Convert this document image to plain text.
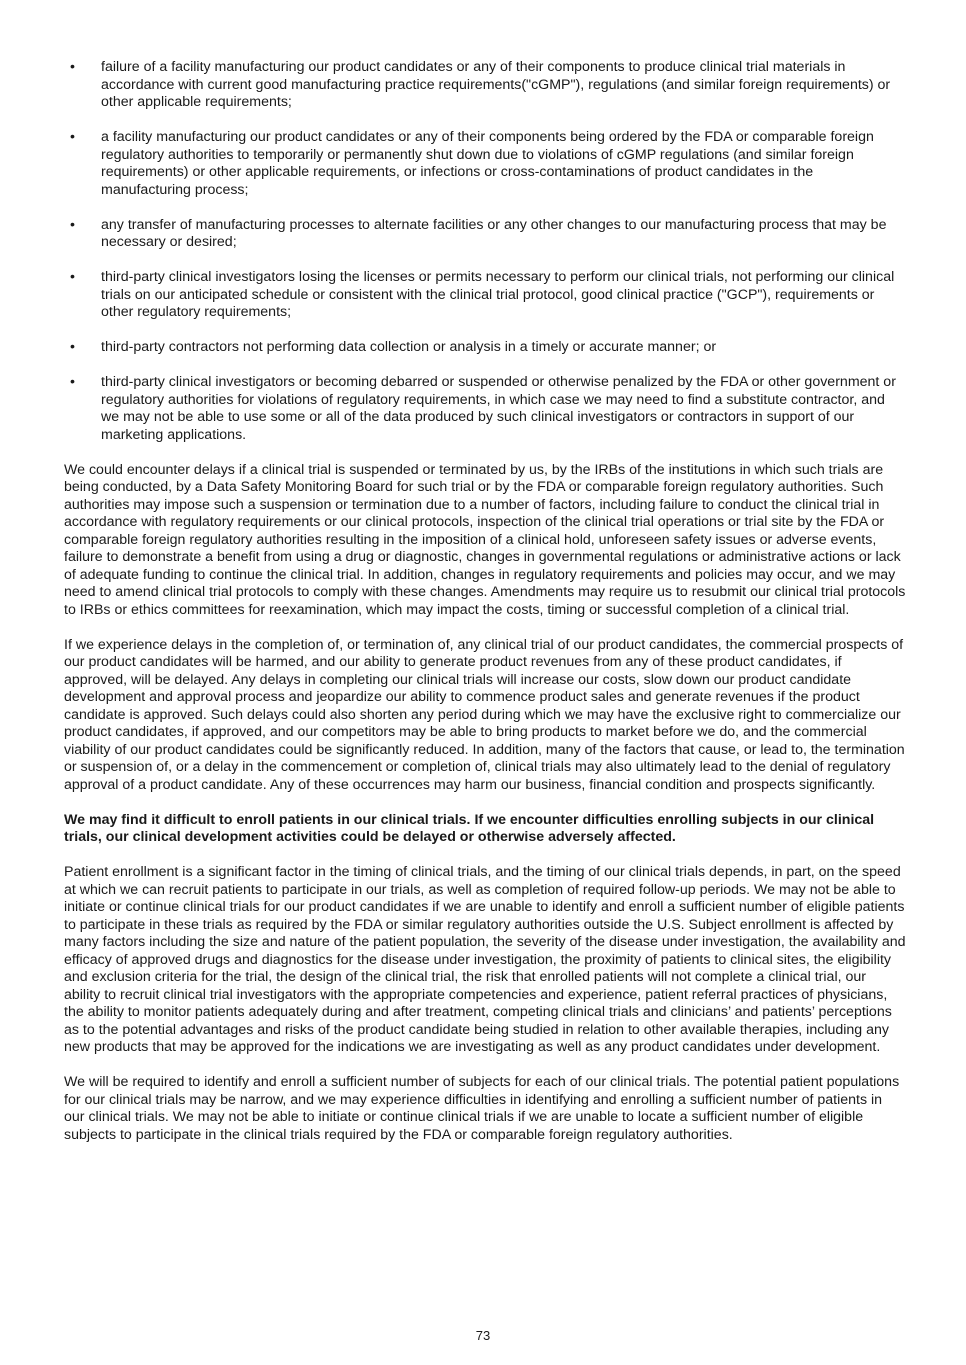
• failure of a facility manufacturing our product candidates or any of their components to produce clinical trial materials in accordance with current good manufacturing practice requirements("cGMP"), regulations (and similar foreign requirements) or other applicable requirements;
• a facility manufacturing our product candidates or any of their components being ordered by the FDA or comparable foreign regulatory authorities to temporarily or permanently shut down due to violations of cGMP regulations (and similar foreign requirements) or other applicable requirements, or infections or cross-contaminations of product candidates in the manufacturing process;
• any transfer of manufacturing processes to alternate facilities or any other changes to our manufacturing process that may be necessary or desired;
• third-party clinical investigators losing the licenses or permits necessary to perform our clinical trials, not performing our clinical trials on our anticipated schedule or consistent with the clinical trial protocol, good clinical practice ("GCP"), requirements or other regulatory requirements;
• third-party contractors not performing data collection or analysis in a timely or accurate manner; or
• third-party clinical investigators or becoming debarred or suspended or otherwise penalized by the FDA or other government or regulatory authorities for violations of regulatory requirements, in which case we may need to find a substitute contractor, and we may not be able to use some or all of the data produced by such clinical investigators or contractors in support of our marketing applications.

We could encounter delays if a clinical trial is suspended or terminated by us, by the IRBs of the institutions in which such trials are being conducted, by a Data Safety Monitoring Board for such trial or by the FDA or comparable foreign regulatory authorities. Such authorities may impose such a suspension or termination due to a number of factors, including failure to conduct the clinical trial in accordance with regulatory requirements or our clinical protocols, inspection of the clinical trial operations or trial site by the FDA or comparable foreign regulatory authorities resulting in the imposition of a clinical hold, unforeseen safety issues or adverse events, failure to demonstrate a benefit from using a drug or diagnostic, changes in governmental regulations or administrative actions or lack of adequate funding to continue the clinical trial. In addition, changes in regulatory requirements and policies may occur, and we may need to amend clinical trial protocols to comply with these changes. Amendments may require us to resubmit our clinical trial protocols to IRBs or ethics committees for reexamination, which may impact the costs, timing or successful completion of a clinical trial.

If we experience delays in the completion of, or termination of, any clinical trial of our product candidates, the commercial prospects of our product candidates will be harmed, and our ability to generate product revenues from any of these product candidates, if approved, will be delayed. Any delays in completing our clinical trials will increase our costs, slow down our product candidate development and approval process and jeopardize our ability to commence product sales and generate revenues if the product candidate is approved. Such delays could also shorten any period during which we may have the exclusive right to commercialize our product candidates, if approved, and our competitors may be able to bring products to market before we do, and the commercial viability of our product candidates could be significantly reduced. In addition, many of the factors that cause, or lead to, the termination or suspension of, or a delay in the commencement or completion of, clinical trials may also ultimately lead to the denial of regulatory approval of a product candidate. Any of these occurrences may harm our business, financial condition and prospects significantly.

We may find it difficult to enroll patients in our clinical trials. If we encounter difficulties enrolling subjects in our clinical trials, our clinical development activities could be delayed or otherwise adversely affected.

Patient enrollment is a significant factor in the timing of clinical trials, and the timing of our clinical trials depends, in part, on the speed at which we can recruit patients to participate in our trials, as well as completion of required follow-up periods. We may not be able to initiate or continue clinical trials for our product candidates if we are unable to identify and enroll a sufficient number of eligible patients to participate in these trials as required by the FDA or similar regulatory authorities outside the U.S. Subject enrollment is affected by many factors including the size and nature of the patient population, the severity of the disease under investigation, the availability and efficacy of approved drugs and diagnostics for the disease under investigation, the proximity of patients to clinical sites, the eligibility and exclusion criteria for the trial, the design of the clinical trial, the risk that enrolled patients will not complete a clinical trial, our ability to recruit clinical trial investigators with the appropriate competencies and experience, patient referral practices of physicians, the ability to monitor patients adequately during and after treatment, competing clinical trials and clinicians’ and patients’ perceptions as to the potential advantages and risks of the product candidate being studied in relation to other available therapies, including any new products that may be approved for the indications we are investigating as well as any product candidates under development.

We will be required to identify and enroll a sufficient number of subjects for each of our clinical trials. The potential patient populations for our clinical trials may be narrow, and we may experience difficulties in identifying and enrolling a sufficient number of patients in our clinical trials. We may not be able to initiate or continue clinical trials if we are unable to locate a sufficient number of eligible subjects to participate in the clinical trials required by the FDA or comparable foreign regulatory authorities.

73
